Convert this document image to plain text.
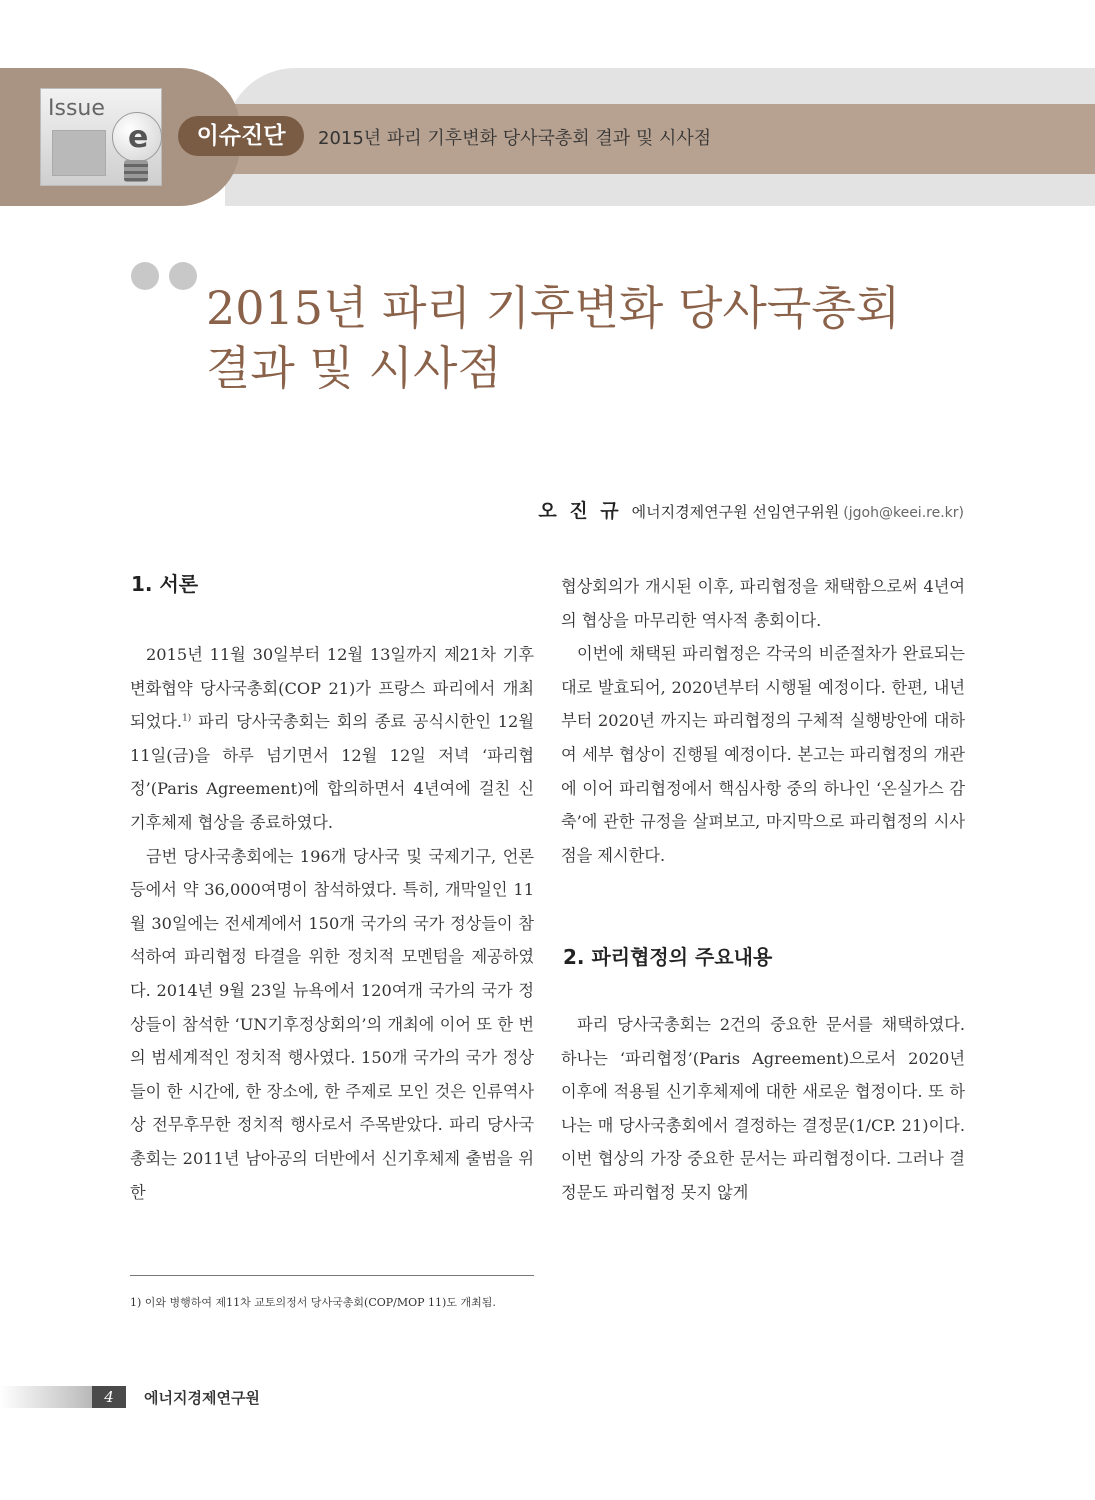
Issue
e	이슈진단	2015년 파리 기후변화 당사국총회 결과 및 시사점
2015년 파리 기후변화 당사국총회
결과 및 시사점
오 진 규 에너지경제연구원 선임연구위원 (jgoh@keei.re.kr)
1. 서론

2015년 11월 30일부터 12월 13일까지 제21차 기후변화협약 당사국총회(COP 21)가 프랑스 파리에서 개최되었다.$^{1)}$ 파리 당사국총회는 회의 종료 공식시한인 12월 11일(금)을 하루 넘기면서 12월 12일 저녁 ‘파리협정’(Paris Agreement)에 합의하면서 4년여에 걸친 신기후체제 협상을 종료하였다.

금번 당사국총회에는 196개 당사국 및 국제기구, 언론 등에서 약 36,000여명이 참석하였다. 특히, 개막일인 11월 30일에는 전세계에서 150개 국가의 국가 정상들이 참석하여 파리협정 타결을 위한 정치적 모멘텀을 제공하였다. 2014년 9월 23일 뉴욕에서 120여개 국가의 국가 정상들이 참석한 ‘UN기후정상회의’의 개최에 이어 또 한 번의 범세계적인 정치적 행사였다. 150개 국가의 국가 정상들이 한 시간에, 한 장소에, 한 주제로 모인 것은 인류역사상 전무후무한 정치적 행사로서 주목받았다. 파리 당사국총회는 2011년 남아공의 더반에서 신기후체제 출범을 위한

협상회의가 개시된 이후, 파리협정을 채택함으로써 4년여의 협상을 마무리한 역사적 총회이다.

이번에 채택된 파리협정은 각국의 비준절차가 완료되는 대로 발효되어, 2020년부터 시행될 예정이다. 한편, 내년부터 2020년 까지는 파리협정의 구체적 실행방안에 대하여 세부 협상이 진행될 예정이다. 본고는 파리협정의 개관에 이어 파리협정에서 핵심사항 중의 하나인 ‘온실가스 감축’에 관한 규정을 살펴보고, 마지막으로 파리협정의 시사점을 제시한다.

2. 파리협정의 주요내용

파리 당사국총회는 2건의 중요한 문서를 채택하였다. 하나는 ‘파리협정’(Paris Agreement)으로서 2020년 이후에 적용될 신기후체제에 대한 새로운 협정이다. 또 하나는 매 당사국총회에서 결정하는 결정문(1/CP. 21)이다. 이번 협상의 가장 중요한 문서는 파리협정이다. 그러나 결정문도 파리협정 못지 않게

1) 이와 병행하여 제11차 교토의정서 당사국총회(COP/MOP 11)도 개최됨.
4	에너지경제연구원
